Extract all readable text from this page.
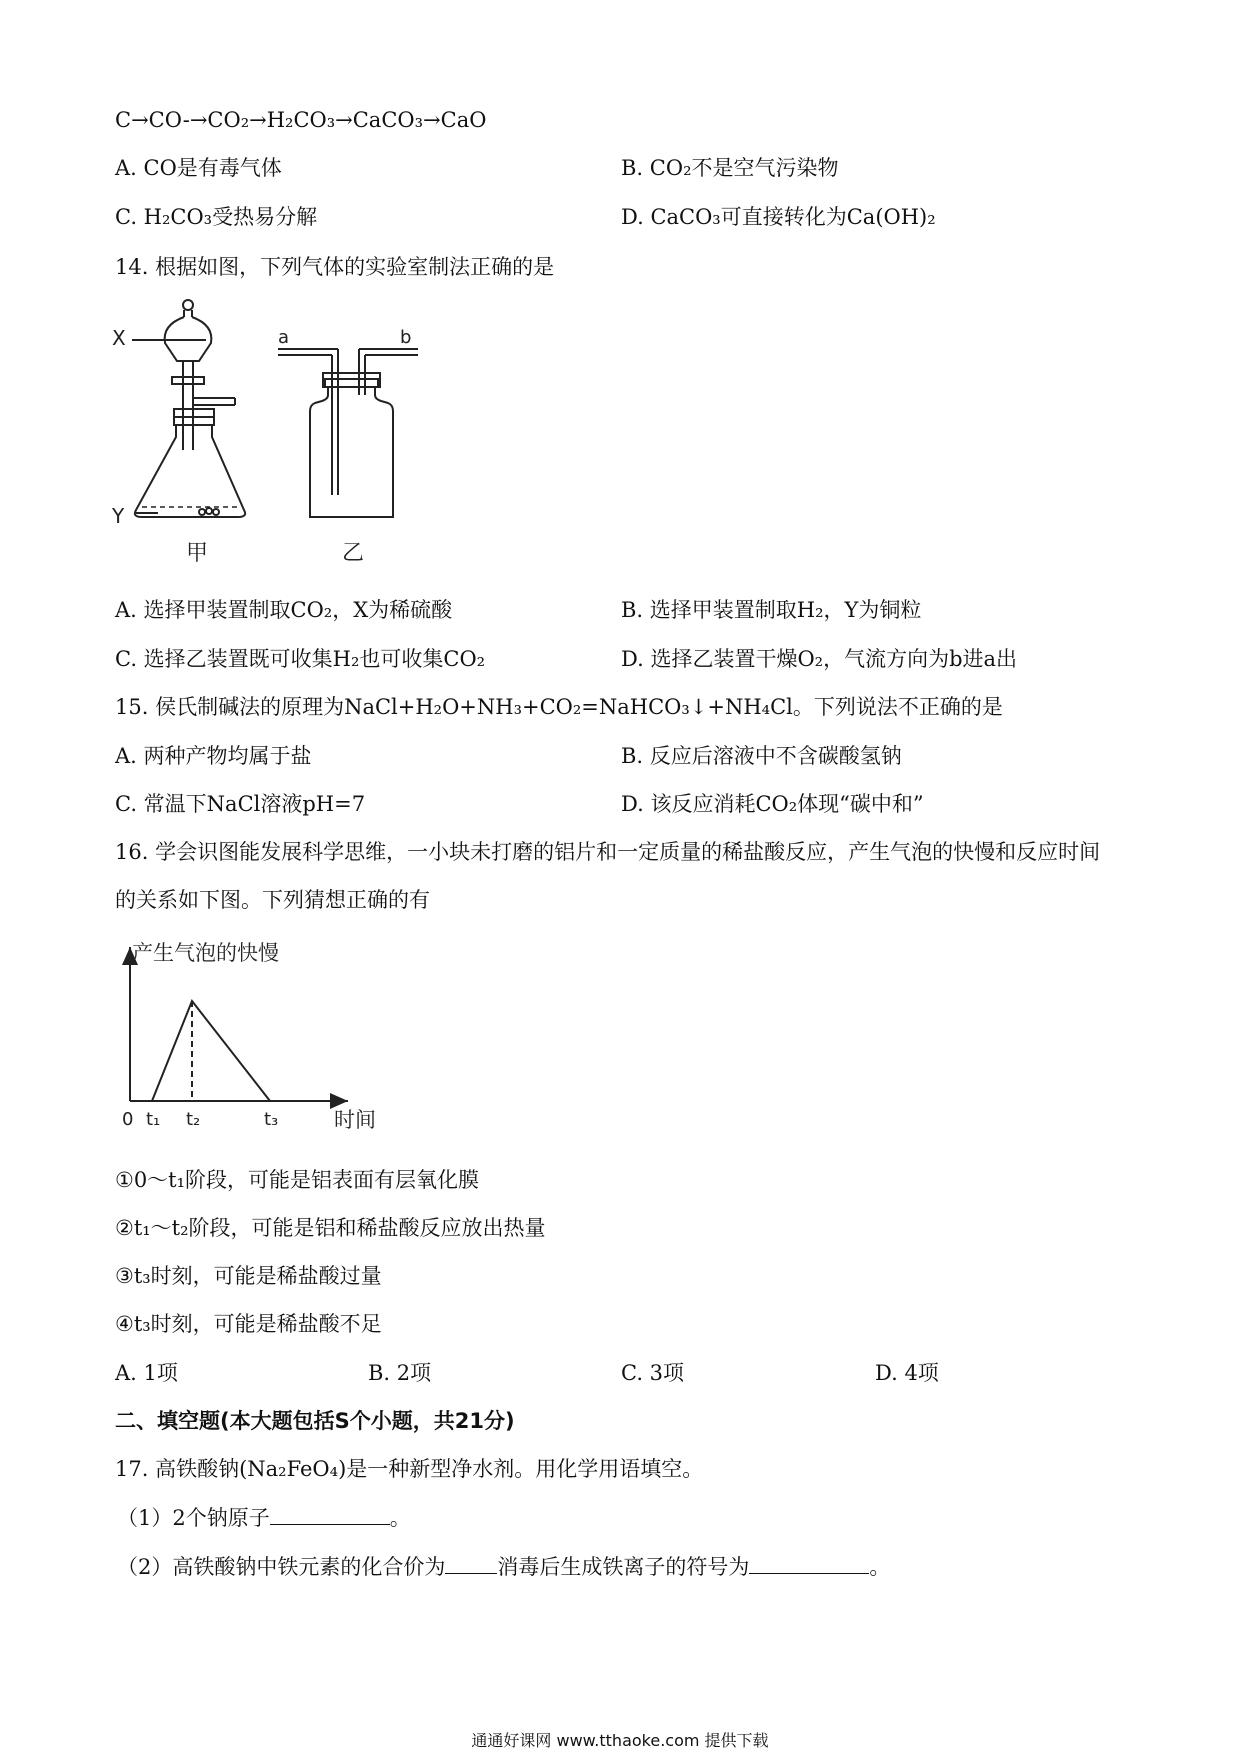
C→CO-→CO₂→H₂CO₃→CaCO₃→CaO
A. CO是有毒气体	B. CO₂不是空气污染物
C. H₂CO₃受热易分解	D. CaCO₃可直接转化为Ca(OH)₂
14. 根据如图，下列气体的实验室制法正确的是
X
Y
a	b
甲	乙
A. 选择甲装置制取CO₂，X为稀硫酸	B. 选择甲装置制取H₂，Y为铜粒
C. 选择乙装置既可收集H₂也可收集CO₂	D. 选择乙装置干燥O₂，气流方向为b进a出
15. 侯氏制碱法的原理为NaCl+H₂O+NH₃+CO₂=NaHCO₃↓+NH₄Cl。下列说法不正确的是
A. 两种产物均属于盐	B. 反应后溶液中不含碳酸氢钠
C. 常温下NaCl溶液pH=7	D. 该反应消耗CO₂体现“碳中和”
16. 学会识图能发展科学思维，一小块未打磨的铝片和一定质量的稀盐酸反应，产生气泡的快慢和反应时间
的关系如下图。下列猜想正确的有
产生气泡的快慢
时间
0 t₁ t₂	t₃
①0～t₁阶段，可能是铝表面有层氧化膜
②t₁～t₂阶段，可能是铝和稀盐酸反应放出热量
③t₃时刻，可能是稀盐酸过量
④t₃时刻，可能是稀盐酸不足
A. 1项	B. 2项	C. 3项	D. 4项
二、填空题(本大题包括S个小题，共21分)
17. 高铁酸钠(Na₂FeO₄)是一种新型净水剂。用化学用语填空。
（1）2个钠原子	。
（2）高铁酸钠中铁元素的化合价为 消毒后生成铁离子的符号为	。
通通好课网 www.tthaoke.com 提供下载
